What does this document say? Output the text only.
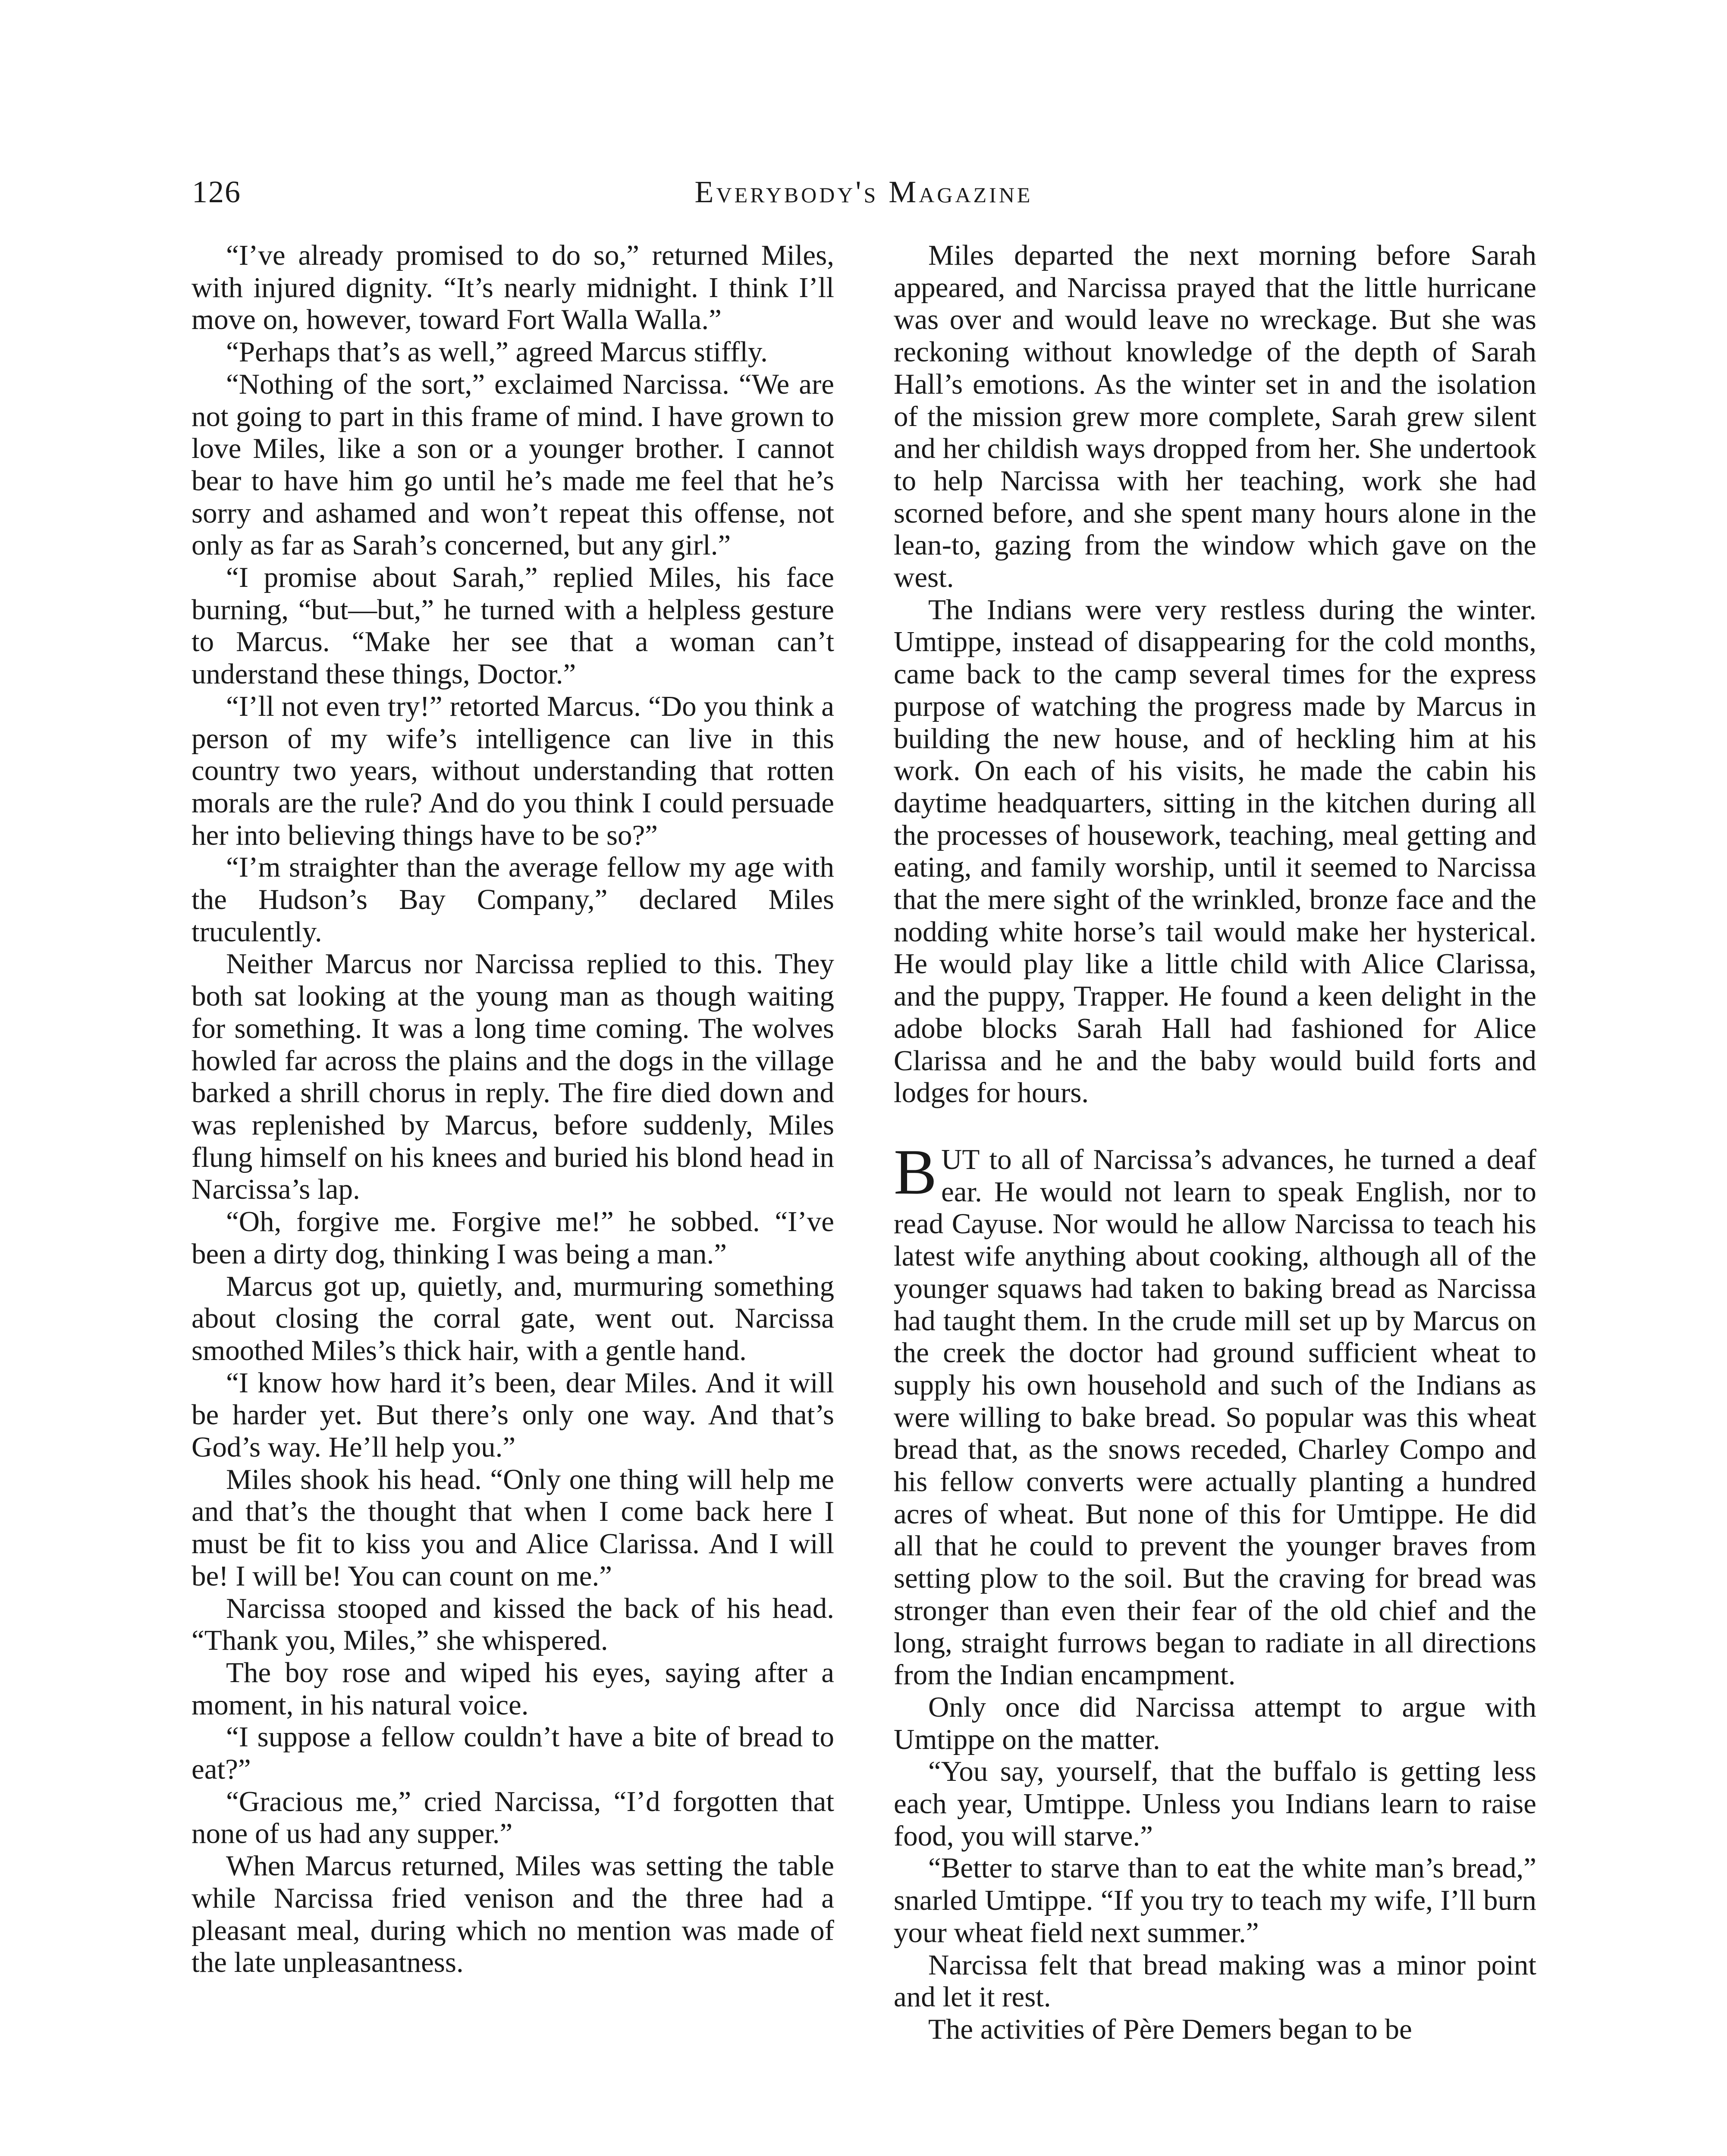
126	Everybody's Magazine

“I’ve already promised to do so,” returned Miles, with injured dignity. “It’s nearly midnight. I think I’ll move on, however, toward Fort Walla Walla.”

“Perhaps that’s as well,” agreed Marcus stiffly.

“Nothing of the sort,” exclaimed Narcissa. “We are not going to part in this frame of mind. I have grown to love Miles, like a son or a younger brother. I cannot bear to have him go until he’s made me feel that he’s sorry and ashamed and won’t repeat this offense, not only as far as Sarah’s concerned, but any girl.”

“I promise about Sarah,” replied Miles, his face burning, “but—but,” he turned with a helpless gesture to Marcus. “Make her see that a woman can’t understand these things, Doctor.”

“I’ll not even try!” retorted Marcus. “Do you think a person of my wife’s intelligence can live in this country two years, without understanding that rotten morals are the rule? And do you think I could persuade her into believing things have to be so?”

“I’m straighter than the average fellow my age with the Hudson’s Bay Company,” declared Miles truculently.

Neither Marcus nor Narcissa replied to this. They both sat looking at the young man as though waiting for something. It was a long time coming. The wolves howled far across the plains and the dogs in the village barked a shrill chorus in reply. The fire died down and was replenished by Marcus, before suddenly, Miles flung himself on his knees and buried his blond head in Narcissa’s lap.

“Oh, forgive me. Forgive me!” he sobbed. “I’ve been a dirty dog, thinking I was being a man.”

Marcus got up, quietly, and, murmuring something about closing the corral gate, went out. Narcissa smoothed Miles’s thick hair, with a gentle hand.

“I know how hard it’s been, dear Miles. And it will be harder yet. But there’s only one way. And that’s God’s way. He’ll help you.”

Miles shook his head. “Only one thing will help me and that’s the thought that when I come back here I must be fit to kiss you and Alice Clarissa. And I will be! I will be! You can count on me.”

Narcissa stooped and kissed the back of his head. “Thank you, Miles,” she whispered.

The boy rose and wiped his eyes, saying after a moment, in his natural voice.

“I suppose a fellow couldn’t have a bite of bread to eat?”

“Gracious me,” cried Narcissa, “I’d forgotten that none of us had any supper.”

When Marcus returned, Miles was setting the table while Narcissa fried venison and the three had a pleasant meal, during which no mention was made of the late unpleasantness.

Miles departed the next morning before Sarah appeared, and Narcissa prayed that the little hurricane was over and would leave no wreckage. But she was reckoning without knowledge of the depth of Sarah Hall’s emotions. As the winter set in and the isolation of the mission grew more complete, Sarah grew silent and her childish ways dropped from her. She undertook to help Narcissa with her teaching, work she had scorned before, and she spent many hours alone in the lean-to, gazing from the window which gave on the west.

The Indians were very restless during the winter. Umtippe, instead of disappearing for the cold months, came back to the camp several times for the express purpose of watching the progress made by Marcus in building the new house, and of heckling him at his work. On each of his visits, he made the cabin his daytime headquarters, sitting in the kitchen during all the processes of housework, teaching, meal getting and eating, and family worship, until it seemed to Narcissa that the mere sight of the wrinkled, bronze face and the nodding white horse’s tail would make her hysterical. He would play like a little child with Alice Clarissa, and the puppy, Trapper. He found a keen delight in the adobe blocks Sarah Hall had fashioned for Alice Clarissa and he and the baby would build forts and lodges for hours.

BUT to all of Narcissa’s advances, he turned a deaf ear. He would not learn to speak English, nor to read Cayuse. Nor would he allow Narcissa to teach his latest wife anything about cooking, although all of the younger squaws had taken to baking bread as Narcissa had taught them. In the crude mill set up by Marcus on the creek the doctor had ground sufficient wheat to supply his own household and such of the Indians as were willing to bake bread. So popular was this wheat bread that, as the snows receded, Charley Compo and his fellow converts were actually planting a hundred acres of wheat. But none of this for Umtippe. He did all that he could to prevent the younger braves from setting plow to the soil. But the craving for bread was stronger than even their fear of the old chief and the long, straight furrows began to radiate in all directions from the Indian encampment.

Only once did Narcissa attempt to argue with Umtippe on the matter.

“You say, yourself, that the buffalo is getting less each year, Umtippe. Unless you Indians learn to raise food, you will starve.”

“Better to starve than to eat the white man’s bread,” snarled Umtippe. “If you try to teach my wife, I’ll burn your wheat field next summer.”

Narcissa felt that bread making was a minor point and let it rest.

The activities of Père Demers began to be
